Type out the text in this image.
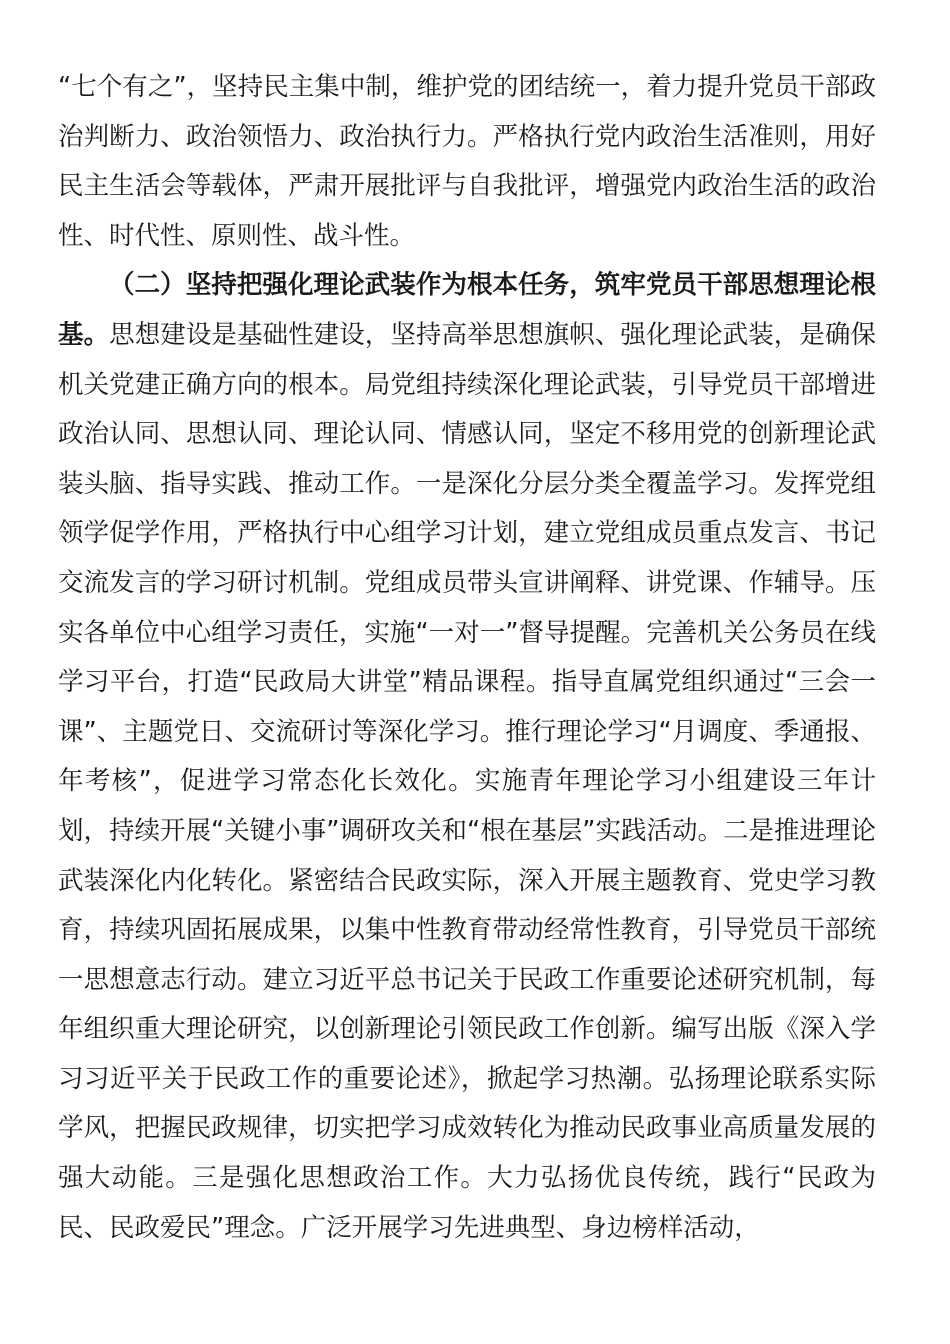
“七个有之”，坚持民主集中制，维护党的团结统一，着力提升党员干部政治判断力、政治领悟力、政治执行力。严格执行党内政治生活准则，用好民主生活会等载体，严肃开展批评与自我批评，增强党内政治生活的政治性、时代性、原则性、战斗性。

（二）坚持把强化理论武装作为根本任务，筑牢党员干部思想理论根基。思想建设是基础性建设，坚持高举思想旗帜、强化理论武装，是确保机关党建正确方向的根本。局党组持续深化理论武装，引导党员干部增进政治认同、思想认同、理论认同、情感认同，坚定不移用党的创新理论武装头脑、指导实践、推动工作。一是深化分层分类全覆盖学习。发挥党组领学促学作用，严格执行中心组学习计划，建立党组成员重点发言、书记交流发言的学习研讨机制。党组成员带头宣讲阐释、讲党课、作辅导。压实各单位中心组学习责任，实施“一对一”督导提醒。完善机关公务员在线学习平台，打造“民政局大讲堂”精品课程。指导直属党组织通过“三会一课”、主题党日、交流研讨等深化学习。推行理论学习“月调度、季通报、年考核”，促进学习常态化长效化。实施青年理论学习小组建设三年计划，持续开展“关键小事”调研攻关和“根在基层”实践活动。二是推进理论武装深化内化转化。紧密结合民政实际，深入开展主题教育、党史学习教育，持续巩固拓展成果，以集中性教育带动经常性教育，引导党员干部统一思想意志行动。建立习近平总书记关于民政工作重要论述研究机制，每年组织重大理论研究，以创新理论引领民政工作创新。编写出版《深入学习习近平关于民政工作的重要论述》，掀起学习热潮。弘扬理论联系实际学风，把握民政规律，切实把学习成效转化为推动民政事业高质量发展的强大动能。三是强化思想政治工作。大力弘扬优良传统，践行“民政为民、民政爱民”理念。广泛开展学习先进典型、身边榜样活动，
